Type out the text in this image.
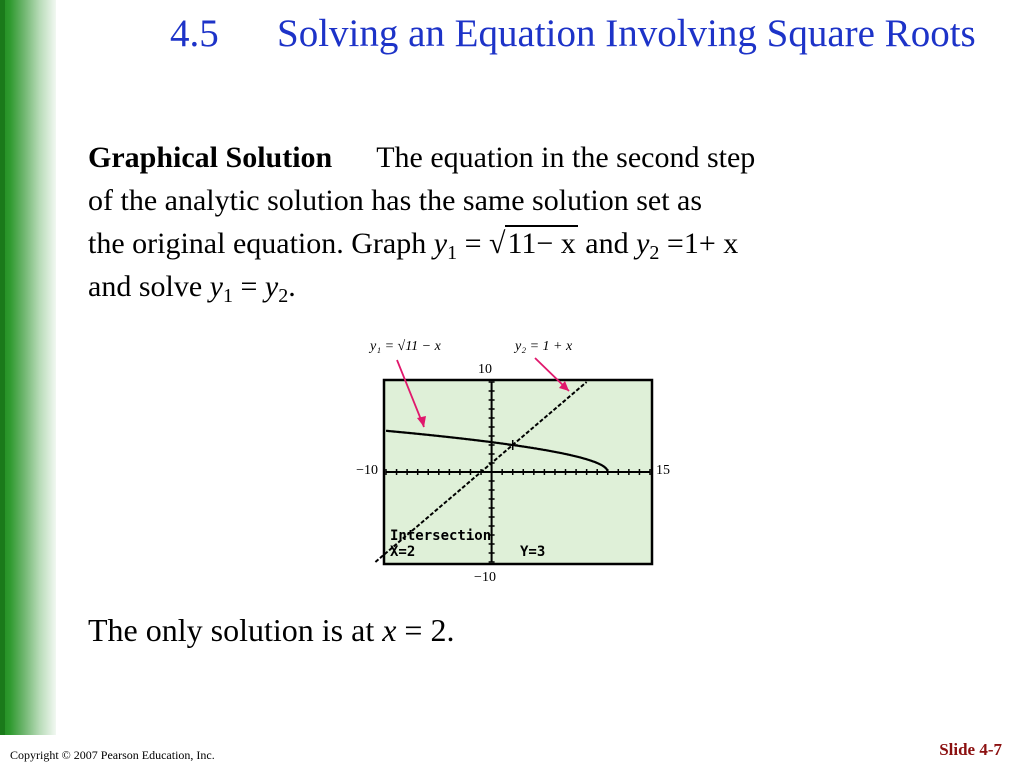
4.5 Solving an Equation Involving Square Roots
Graphical Solution The equation in the second step
of the analytic solution has the same solution set as
the original equation. Graph $y_1 = √11- x$ and $y_2 =1+ x$
and solve $y_1 = y_2$.
y₁ = √11 − x	y₂ = 1 + x
10
−10
−10	15
Intersection
X=2	Y=3
The only solution is at x = 2.
Copyright © 2007 Pearson Education, Inc.	Slide 4-7
